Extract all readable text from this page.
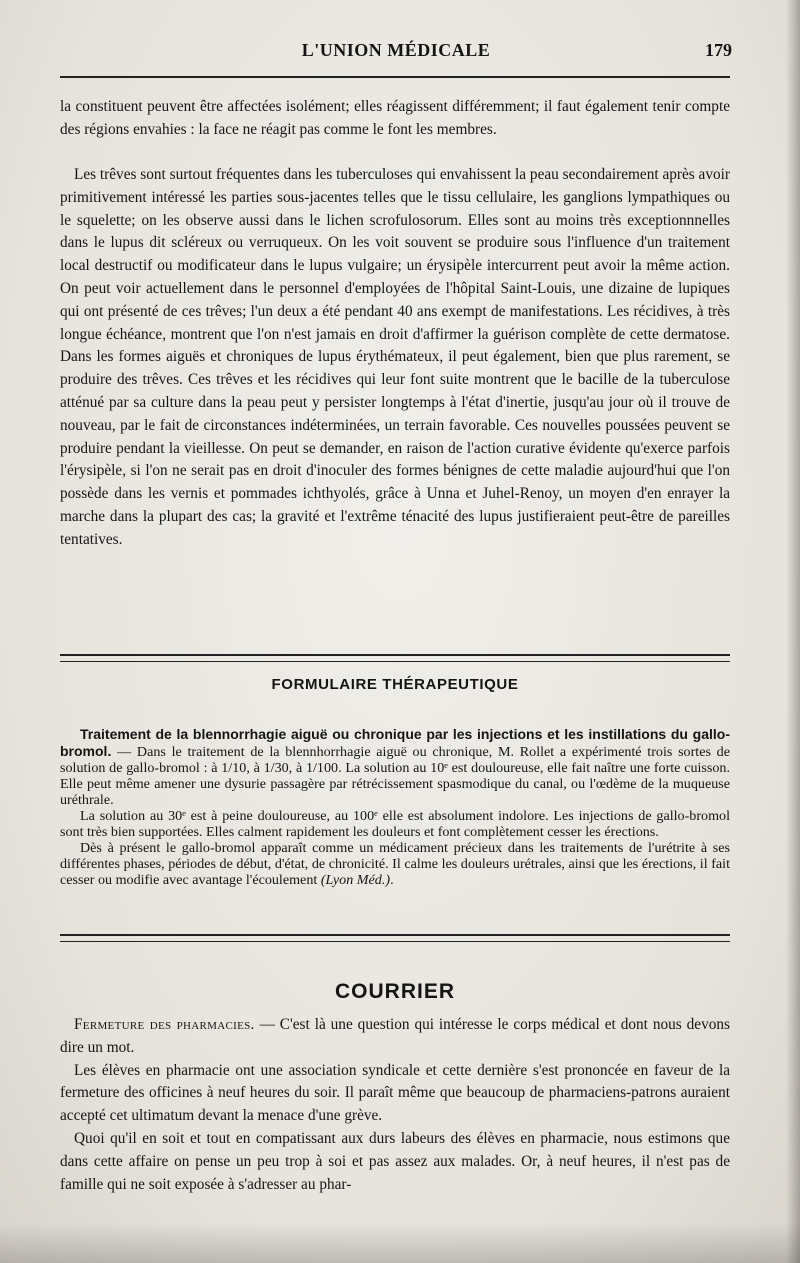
L'UNION MÉDICALE	179

la constituent peuvent être affectées isolément; elles réagissent différemment; il faut également tenir compte des régions envahies : la face ne réagit pas comme le font les membres.

Les trêves sont surtout fréquentes dans les tuberculoses qui envahissent la peau secondairement après avoir primitivement intéressé les parties sous-jacentes telles que le tissu cellulaire, les ganglions lympathiques ou le squelette; on les observe aussi dans le lichen scrofulosorum. Elles sont au moins très exceptionnnelles dans le lupus dit scléreux ou verruqueux. On les voit souvent se produire sous l'influence d'un traitement local destructif ou modificateur dans le lupus vulgaire; un érysipèle intercurrent peut avoir la même action. On peut voir actuellement dans le personnel d'employées de l'hôpital Saint-Louis, une dizaine de lupiques qui ont présenté de ces trêves; l'un deux a été pendant 40 ans exempt de manifestations. Les récidives, à très longue échéance, montrent que l'on n'est jamais en droit d'affirmer la guérison complète de cette dermatose. Dans les formes aiguës et chroniques de lupus érythémateux, il peut également, bien que plus rarement, se produire des trêves. Ces trêves et les récidives qui leur font suite montrent que le bacille de la tuberculose atténué par sa culture dans la peau peut y persister longtemps à l'état d'inertie, jusqu'au jour où il trouve de nouveau, par le fait de circonstances indéterminées, un terrain favorable. Ces nouvelles poussées peuvent se produire pendant la vieillesse. On peut se demander, en raison de l'action curative évidente qu'exerce parfois l'érysipèle, si l'on ne serait pas en droit d'inoculer des formes bénignes de cette maladie aujourd'hui que l'on possède dans les vernis et pommades ichthyolés, grâce à Unna et Juhel-Renoy, un moyen d'en enrayer la marche dans la plupart des cas; la gravité et l'extrême ténacité des lupus justifieraient peut-être de pareilles tentatives.

FORMULAIRE THÉRAPEUTIQUE

Traitement de la blennorrhagie aiguë ou chronique par les injections et les instillations du gallo-bromol. — Dans le traitement de la blennhorrhagie aiguë ou chronique, M. Rollet a expérimenté trois sortes de solution de gallo-bromol : à 1/10, à 1/30, à 1/100. La solution au 10ᵉ est douloureuse, elle fait naître une forte cuisson. Elle peut même amener une dysurie passagère par rétrécissement spasmodique du canal, ou l'œdème de la muqueuse uréthrale.

La solution au 30ᵉ est à peine douloureuse, au 100ᵉ elle est absolument indolore. Les injections de gallo-bromol sont très bien supportées. Elles calment rapidement les douleurs et font complètement cesser les érections.

Dès à présent le gallo-bromol apparaît comme un médicament précieux dans les traitements de l'urétrite à ses différentes phases, périodes de début, d'état, de chronicité. Il calme les douleurs urétrales, ainsi que les érections, il fait cesser ou modifie avec avantage l'écoulement (Lyon Méd.).

COURRIER

Fermeture des pharmacies. — C'est là une question qui intéresse le corps médical et dont nous devons dire un mot.

Les élèves en pharmacie ont une association syndicale et cette dernière s'est prononcée en faveur de la fermeture des officines à neuf heures du soir. Il paraît même que beaucoup de pharmaciens-patrons auraient accepté cet ultimatum devant la menace d'une grève.

Quoi qu'il en soit et tout en compatissant aux durs labeurs des élèves en pharmacie, nous estimons que dans cette affaire on pense un peu trop à soi et pas assez aux malades. Or, à neuf heures, il n'est pas de famille qui ne soit exposée à s'adresser au phar-
